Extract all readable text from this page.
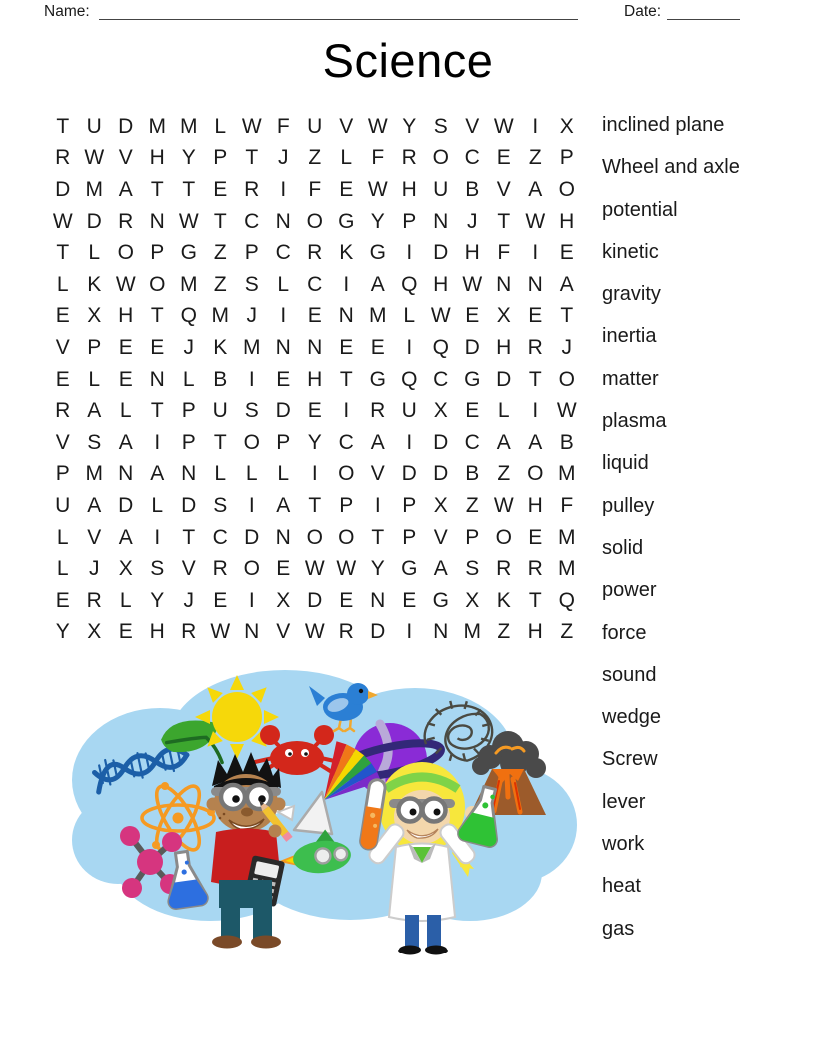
Name:	Date:
Science
T U D M M L W F U V W Y S V W I	X
R W V H Y P T J Z L F R O C E Z P
D M A T T E R	I	F E W H U B V A O
W D R N W T C N O G Y P N J T W H
T L O P G Z P C R K G I D H F	I	E
L K W O M Z S L C	I	A Q H W N N A
E X H T Q M J	I	E N M L W E X E T
V P E E J K M N N E E	I Q D H R J
E L E N L B	I	E H T G Q C G D T O
R A L T P U S D E	I R U X E L	I W
V S A	I	P T O P Y C A	I D C A A B
P M N A N L L L	I O V D D B Z O M
U A D L D S	I	A T P	I	P X Z W H F
L V A	I	T C D N O O T P V P O E M
L J X S V R O E W W Y G A S R R M
E R L Y J E	I	X D E N E G X K T Q
Y X E H R W N V W R D	I N M Z H Z
inclined plane
Wheel and axle
potential
kinetic
gravity
inertia
matter
plasma
liquid
pulley
solid
power
force
sound
wedge
Screw
lever
work
heat
gas
